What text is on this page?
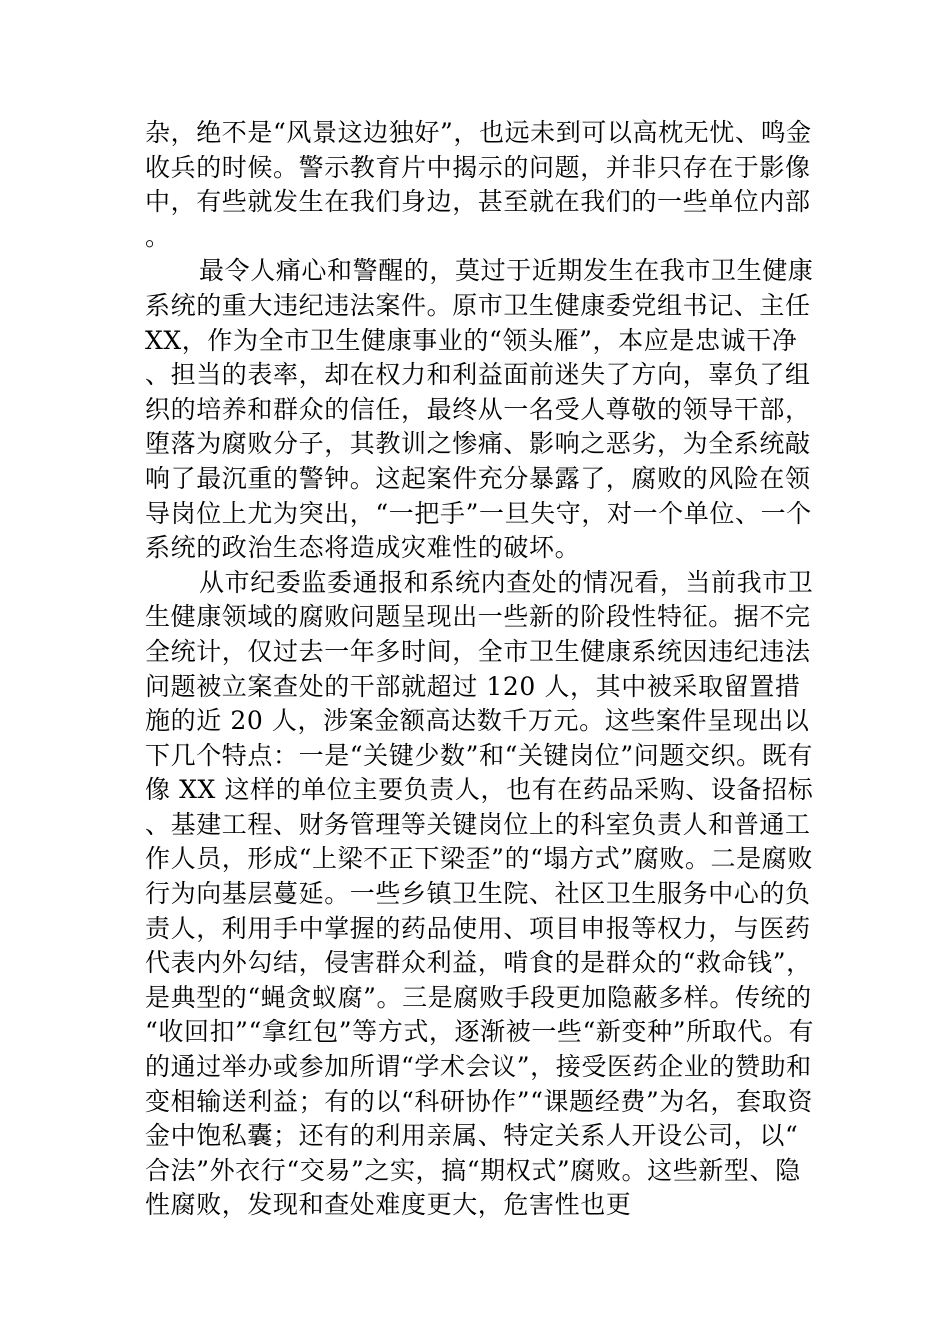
杂，绝不是“风景这边独好”，也远未到可以高枕无忧、鸣金收兵的时候。警示教育片中揭示的问题，并非只存在于影像中，有些就发生在我们身边，甚至就在我们的一些单位内部。

最令人痛心和警醒的，莫过于近期发生在我市卫生健康系统的重大违纪违法案件。原市卫生健康委党组书记、主任 XX，作为全市卫生健康事业的“领头雁”，本应是忠诚干净、担当的表率，却在权力和利益面前迷失了方向，辜负了组织的培养和群众的信任，最终从一名受人尊敬的领导干部，堕落为腐败分子，其教训之惨痛、影响之恶劣，为全系统敲响了最沉重的警钟。这起案件充分暴露了，腐败的风险在领导岗位上尤为突出，“一把手”一旦失守，对一个单位、一个系统的政治生态将造成灾难性的破坏。

从市纪委监委通报和系统内查处的情况看，当前我市卫生健康领域的腐败问题呈现出一些新的阶段性特征。据不完全统计，仅过去一年多时间，全市卫生健康系统因违纪违法问题被立案查处的干部就超过 120 人，其中被采取留置措施的近 20 人，涉案金额高达数千万元。这些案件呈现出以下几个特点：一是“关键少数”和“关键岗位”问题交织。既有像 XX 这样的单位主要负责人，也有在药品采购、设备招标、基建工程、财务管理等关键岗位上的科室负责人和普通工作人员，形成“上梁不正下梁歪”的“塌方式”腐败。二是腐败行为向基层蔓延。一些乡镇卫生院、社区卫生服务中心的负责人，利用手中掌握的药品使用、项目申报等权力，与医药代表内外勾结，侵害群众利益，啃食的是群众的“救命钱”，是典型的“蝇贪蚁腐”。三是腐败手段更加隐蔽多样。传统的“收回扣”“拿红包”等方式，逐渐被一些“新变种”所取代。有的通过举办或参加所谓“学术会议”，接受医药企业的赞助和变相输送利益；有的以“科研协作”“课题经费”为名，套取资金中饱私囊；还有的利用亲属、特定关系人开设公司，以“合法”外衣行“交易”之实，搞“期权式”腐败。这些新型、隐性腐败，发现和查处难度更大，危害性也更
